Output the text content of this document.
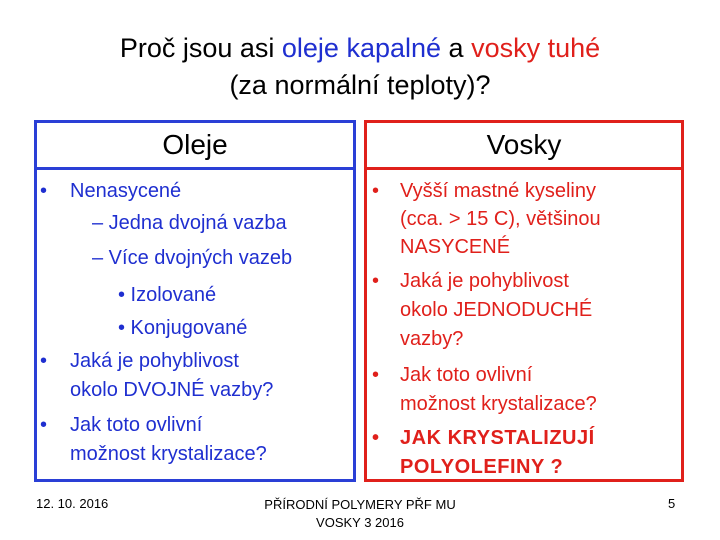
Proč jsou asi oleje kapalné a vosky tuhé
(za normální teploty)?
Oleje
• Nenasycené
– Jedna dvojná vazba
– Více dvojných vazeb
• Izolované
• Konjugované
• Jaká je pohyblivost
okolo DVOJNÉ vazby?
• Jak toto ovlivní
možnost krystalizace?
Vosky
• Vyšší mastné kyseliny
(cca. > 15 C), většinou
NASYCENÉ
• Jaká je pohyblivost
okolo JEDNODUCHÉ
vazby?
• Jak toto ovlivní
možnost krystalizace?
• JAK KRYSTALIZUJÍ
POLYOLEFINY ?
12. 10. 2016	PŘÍRODNÍ POLYMERY PŘF MU
VOSKY 3 2016
5
